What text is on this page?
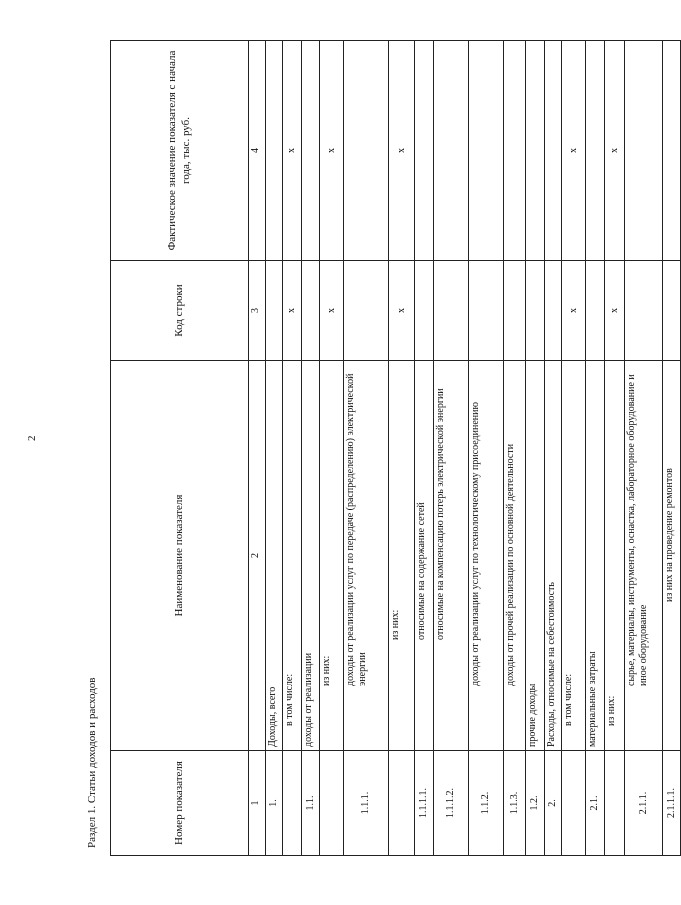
2
Раздел 1. Статьи доходов и расходов	Номер показателя	Наименование показателя	Код строки	Фактическое значение показателя с начала года, тыс. руб.
1	2	3	4
1.	Доходы, всего		
	в том числе:	x	x
1.1.	доходы от реализации		
	из них:	x	x
1.1.1.	доходы от реализации услуг по передаче (распределению) электрической энергии		
	из них:	x	x
1.1.1.1.	относимые на содержание сетей		
1.1.1.2.	относимые на компенсацию потерь электрической энергии		
1.1.2.	доходы от реализации услуг по технологическому присоединению		
1.1.3.	доходы от прочей реализации по основной деятельности		
1.2.	прочие доходы		
2.	Расходы, относимые на себестоимость		
	в том числе:	x	x
2.1.	материальные затраты		
	из них:	x	x
2.1.1.	сырье, материалы, инструменты, оснастка, лабораторное оборудование и иное оборудование		
2.1.1.1.	из них на проведение ремонтов		
